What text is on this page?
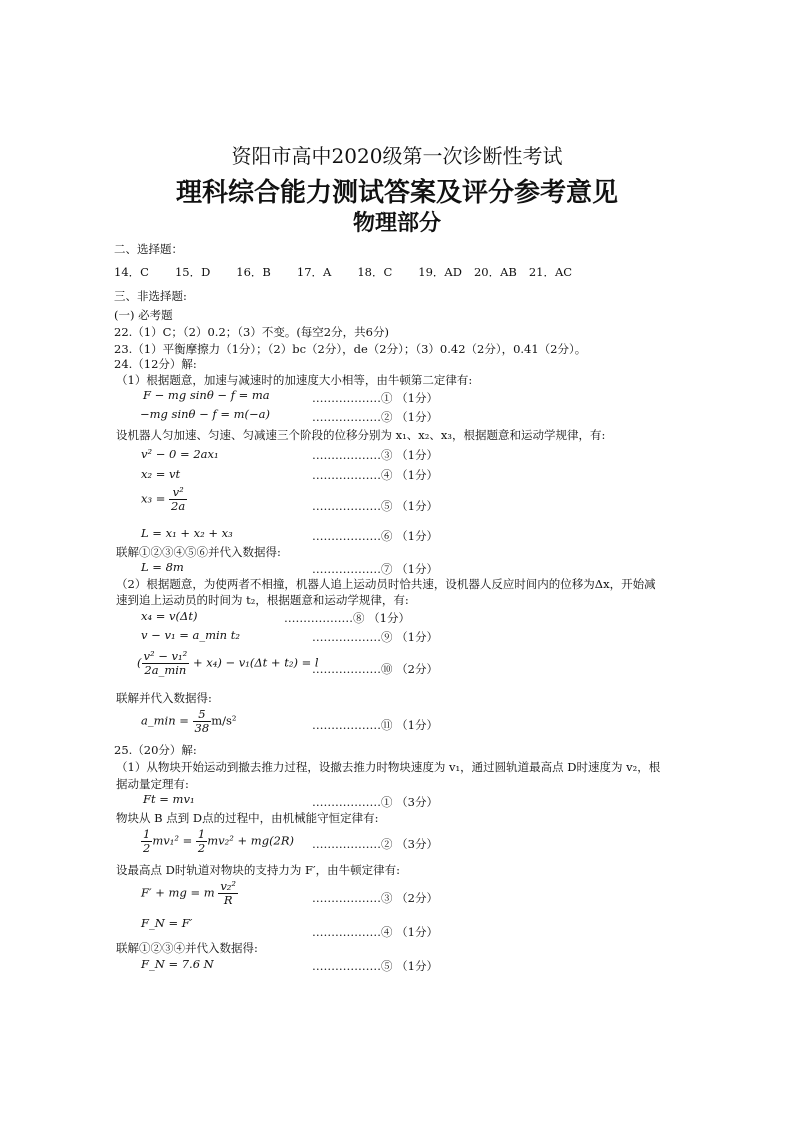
资阳市高中2020级第一次诊断性考试
理科综合能力测试答案及评分参考意见
物理部分
二、选择题：
14．C 15．D 16．B 17．A 18．C 19．AD 20．AB 21．AC
三、非选择题:
(一) 必考题
22.（1）C；（2）0.2；（3）不变。(每空2分，共6分)
23.（1）平衡摩擦力（1分）；（2）bc（2分），de（2分）；（3）0.42（2分），0.41（2分）。
24.（12分）解:
（1）根据题意，加速与减速时的加速度大小相等，由牛顿第二定律有:
F − mg sinθ − f = ma	………………① （1分）
−mg sinθ − f = m(−a)	………………② （1分）
设机器人匀加速、匀速、匀减速三个阶段的位移分别为 x₁、x₂、x₃，根据题意和运动学规律，有:
v² − 0 = 2ax₁	………………③ （1分）
x₂ = vt	………………④ （1分）
$x_3 = \frac{\text{v²}}{2a}$	………………⑤ （1分）
L = x₁ + x₂ + x₃	………………⑥ （1分）
联解①②③④⑤⑥并代入数据得:
L = 8m	………………⑦ （1分）
（2）根据题意，为使两者不相撞，机器人追上运动员时恰共速，设机器人反应时间内的位移为Δx，开始减
速到追上运动员的时间为 t₂，根据题意和运动学规律，有:
x₄ = v(Δt)	………………⑧ （1分）
v − v₁ = a_min t₂	………………⑨ （1分）
( $\frac{\text{v² − v₁²}}{2a\_\min} + x_4) - v_1(\Delta t + t_2) = l$
………………⑩ （2分）
联解并代入数据得:
a_min = $\frac{5}{38} m/s^2$	………………⑪ （1分）
25.（20分）解:
（1）从物块开始运动到撤去推力过程，设撤去推力时物块速度为 v₁，通过圆轨道最高点 D时速度为 v₂，根
据动量定理有:
Ft = mv₁	………………① （3分）
物块从 B 点到 D点的过程中，由机械能守恒定律有:
$\frac{1}{2} mv_1^2 = \frac{1}{2} mv_2^2 + mg(2R)$ ………………② （3分）
设最高点 D时轨道对物块的支持力为 F′，由牛顿定律有:
F′ + mg = m $\frac{\text{v₂²}}{R}$	………………③ （2分）
F_N = F′
………………④ （1分）
联解①②③④并代入数据得:
F_N = 7.6 N	………………⑤ （1分）
